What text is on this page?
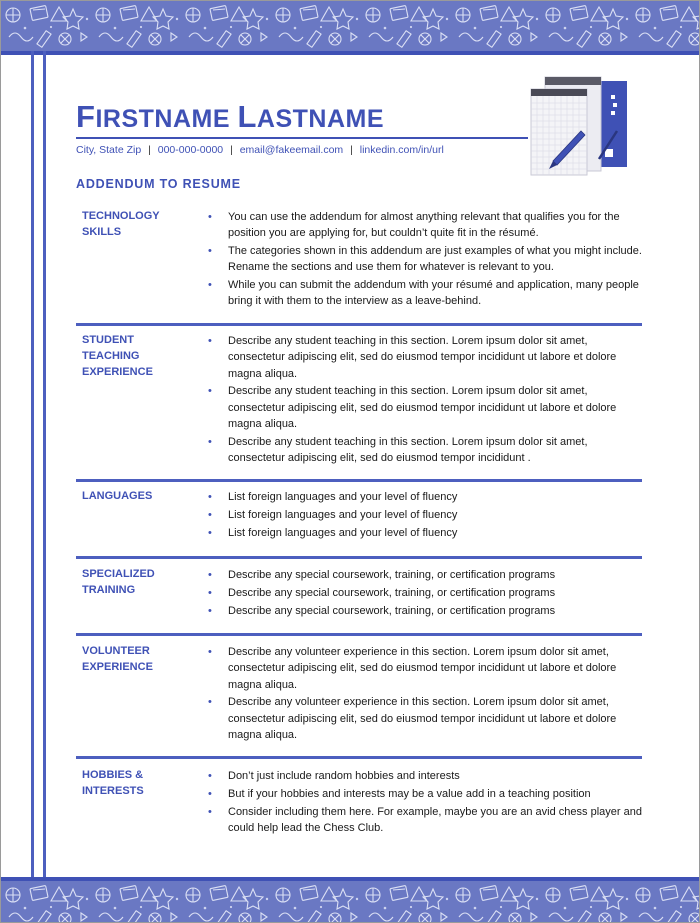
FIRSTNAME LASTNAME
City, State Zip | 000-000-0000 | email@fakeemail.com | linkedin.com/in/url
ADDENDUM TO RESUME
TECHNOLOGY SKILLS
• You can use the addendum for almost anything relevant that qualifies you for the position you are applying for, but couldn’t quite fit in the résumé.
• The categories shown in this addendum are just examples of what you might include. Rename the sections and use them for whatever is relevant to you.
• While you can submit the addendum with your résumé and application, many people bring it with them to the interview as a leave-behind.
STUDENT TEACHING EXPERIENCE
• Describe any student teaching in this section. Lorem ipsum dolor sit amet, consectetur adipiscing elit, sed do eiusmod tempor incididunt ut labore et dolore magna aliqua.
• Describe any student teaching in this section. Lorem ipsum dolor sit amet, consectetur adipiscing elit, sed do eiusmod tempor incididunt ut labore et dolore magna aliqua.
• Describe any student teaching in this section. Lorem ipsum dolor sit amet, consectetur adipiscing elit, sed do eiusmod tempor incididunt .
LANGUAGES	• List foreign languages and your level of fluency
• List foreign languages and your level of fluency
• List foreign languages and your level of fluency
SPECIALIZED TRAINING
• Describe any special coursework, training, or certification programs
• Describe any special coursework, training, or certification programs
• Describe any special coursework, training, or certification programs
VOLUNTEER EXPERIENCE
• Describe any volunteer experience in this section. Lorem ipsum dolor sit amet, consectetur adipiscing elit, sed do eiusmod tempor incididunt ut labore et dolore magna aliqua.
• Describe any volunteer experience in this section. Lorem ipsum dolor sit amet, consectetur adipiscing elit, sed do eiusmod tempor incididunt ut labore et dolore magna aliqua.
HOBBIES & INTERESTS
• Don’t just include random hobbies and interests
• But if your hobbies and interests may be a value add in a teaching position
• Consider including them here. For example, maybe you are an avid chess player and could help lead the Chess Club.
